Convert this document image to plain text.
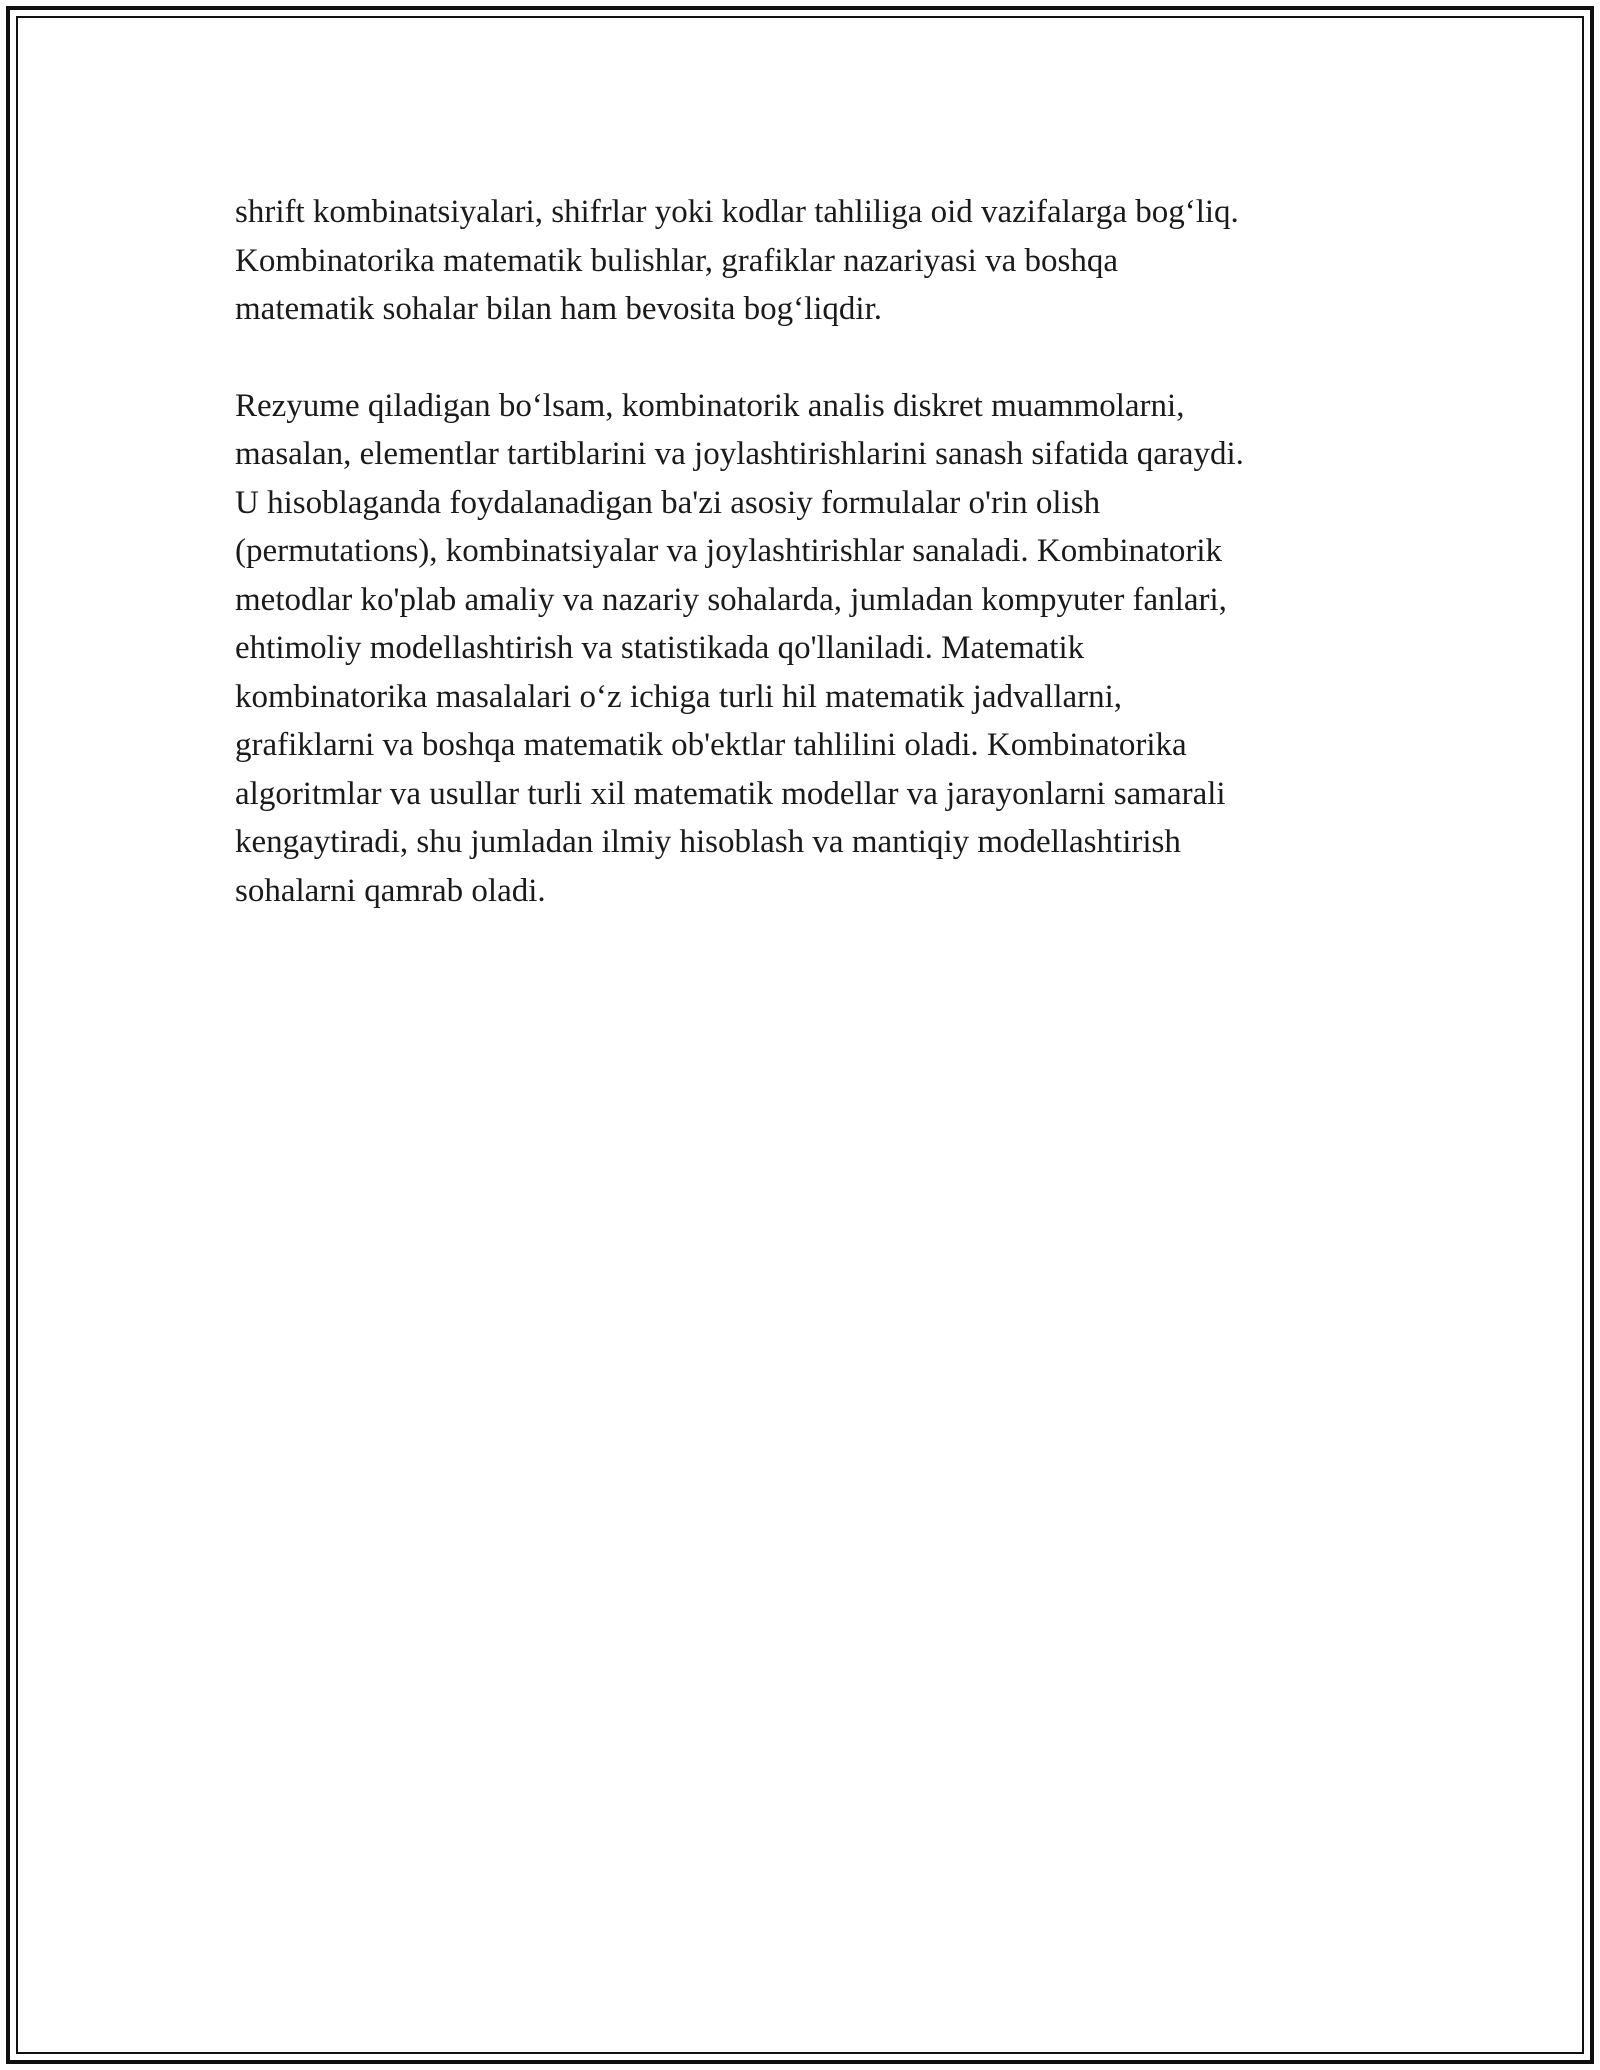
shrift kombinatsiyalari, shifrlar yoki kodlar tahliliga oid vazifalarga bog‘liq.
Kombinatorika matematik bulishlar, grafiklar nazariyasi va boshqa
matematik sohalar bilan ham bevosita bog‘liqdir.

Rezyume qiladigan bo‘lsam, kombinatorik analis diskret muammolarni,
masalan, elementlar tartiblarini va joylashtirishlarini sanash sifatida qaraydi.
U hisoblaganda foydalanadigan ba'zi asosiy formulalar o'rin olish
(permutations), kombinatsiyalar va joylashtirishlar sanaladi. Kombinatorik
metodlar ko'plab amaliy va nazariy sohalarda, jumladan kompyuter fanlari,
ehtimoliy modellashtirish va statistikada qo'llaniladi. Matematik
kombinatorika masalalari o‘z ichiga turli hil matematik jadvallarni,
grafiklarni va boshqa matematik ob'ektlar tahlilini oladi. Kombinatorika
algoritmlar va usullar turli xil matematik modellar va jarayonlarni samarali
kengaytiradi, shu jumladan ilmiy hisoblash va mantiqiy modellashtirish
sohalarni qamrab oladi.
